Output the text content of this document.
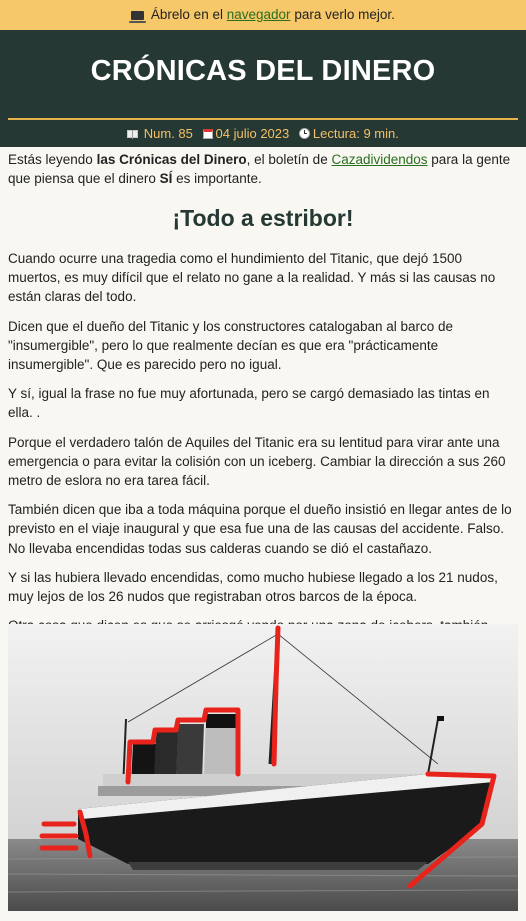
Ábrelo en el navegador para verlo mejor.
CRÓNICAS DEL DINERO
Num. 85 04 julio 2023 Lectura: 9 min.

Estás leyendo las Crónicas del Dinero, el boletín de Cazadividendos para la gente que piensa que el dinero SÍ es importante.

¡Todo a estribor!

Cuando ocurre una tragedia como el hundimiento del Titanic, que dejó 1500 muertos, es muy difícil que el relato no gane a la realidad. Y más si las causas no están claras del todo.

Dicen que el dueño del Titanic y los constructores catalogaban al barco de "insumergible", pero lo que realmente decían es que era "prácticamente insumergible". Que es parecido pero no igual.

Y sí, igual la frase no fue muy afortunada, pero se cargó demasiado las tintas en ella. .

Porque el verdadero talón de Aquiles del Titanic era su lentitud para virar ante una emergencia o para evitar la colisión con un iceberg. Cambiar la dirección a sus 260 metro de eslora no era tarea fácil.

También dicen que iba a toda máquina porque el dueño insistió en llegar antes de lo previsto en el viaje inaugural y que esa fue una de las causas del accidente. Falso. No llevaba encendidas todas sus calderas cuando se dió el castañazo.

Y si las hubiera llevado encendidas, como mucho hubiese llegado a los 21 nudos, muy lejos de los 26 nudos que registraban otros barcos de la época.
